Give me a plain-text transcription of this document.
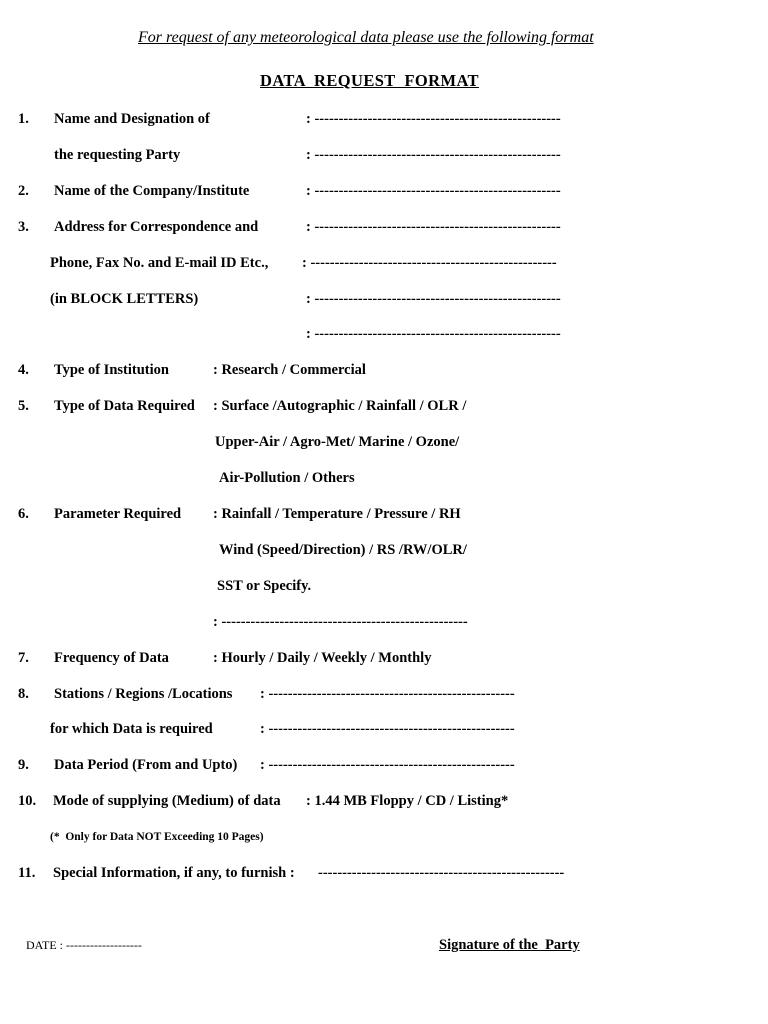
For request of any meteorological data please use the following format
DATA  REQUEST  FORMAT
1. Name and Designation of	: ---------------------------------------------------
the requesting Party	: ---------------------------------------------------
2. Name of the Company/Institute	: ---------------------------------------------------
3. Address for Correspondence and	: ---------------------------------------------------
Phone, Fax No. and E-mail ID Etc., : ---------------------------------------------------
(in BLOCK LETTERS)	: ---------------------------------------------------
: ---------------------------------------------------
4. Type of Institution	: Research / Commercial
5. Type of Data Required : Surface /Autographic / Rainfall / OLR /
Upper-Air / Agro-Met/ Marine / Ozone/
Air-Pollution / Others
6. Parameter Required : Rainfall / Temperature / Pressure / RH
Wind (Speed/Direction) / RS /RW/OLR/
SST or Specify.
: ---------------------------------------------------
7. Frequency of Data	: Hourly / Daily / Weekly / Monthly
8. Stations / Regions /Locations : ---------------------------------------------------
for which Data is required	: ---------------------------------------------------
9. Data Period (From and Upto) : ---------------------------------------------------
10. Mode of supplying (Medium) of data : 1.44 MB Floppy / CD / Listing*
(*  Only for Data NOT Exceeding 10 Pages)
11. Special Information, if any, to furnish : ---------------------------------------------------
DATE : -------------------	Signature of the  Party
